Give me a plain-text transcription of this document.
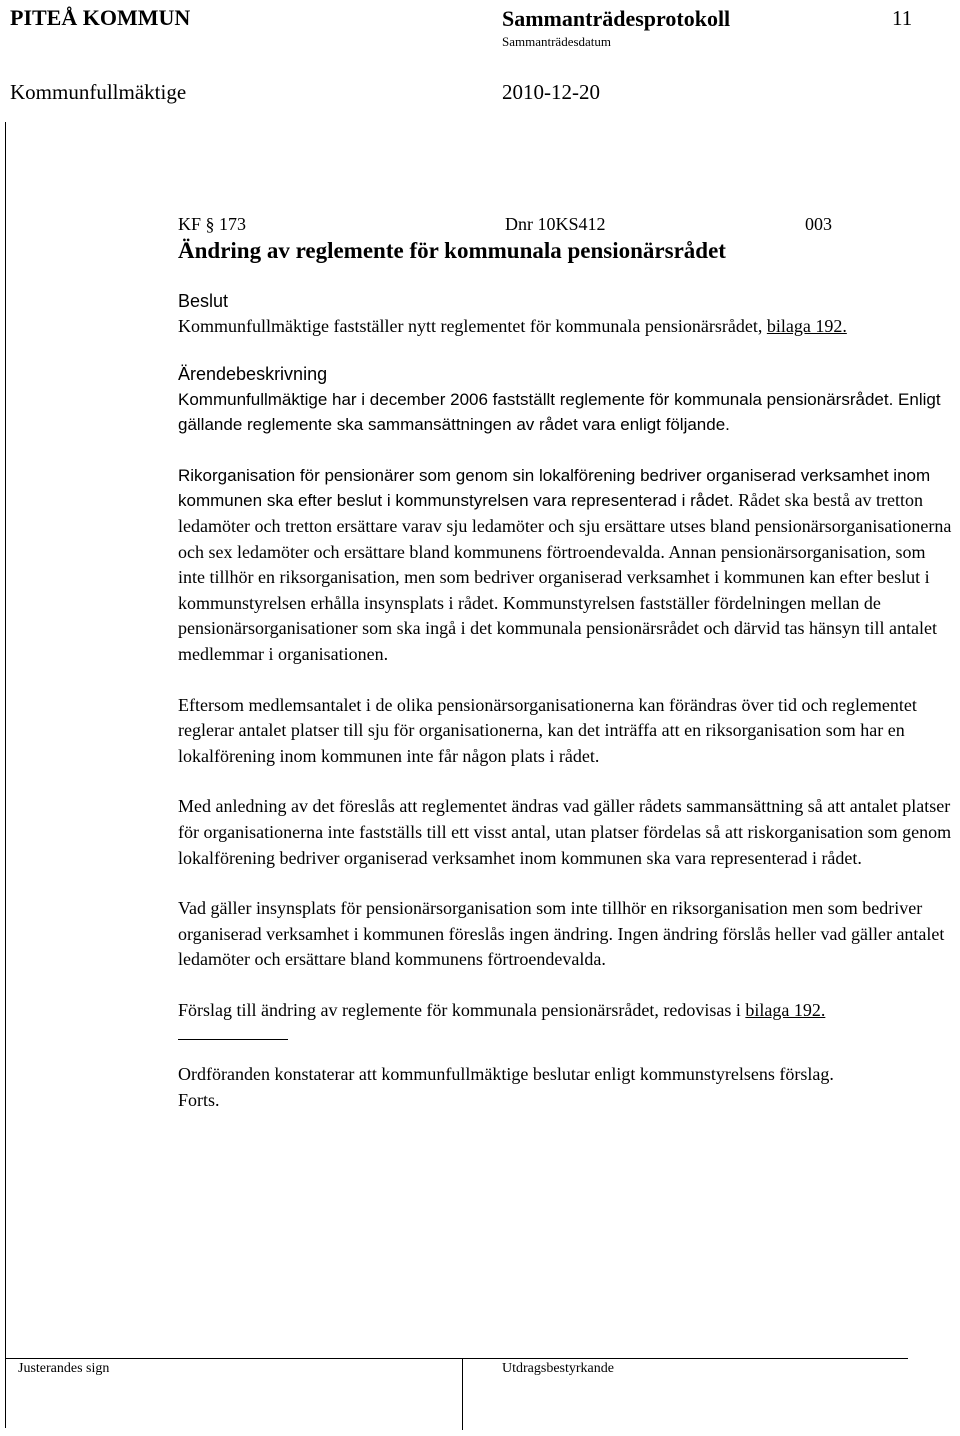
PITEÅ KOMMUN	Sammanträdesprotokoll	11
Sammanträdesdatum
Kommunfullmäktige	2010-12-20
Justerandes sign	Utdragsbestyrkande
KF § 173	Dnr 10KS412	003

Ändring av reglemente för kommunala pensionärsrådet

Beslut

Kommunfullmäktige fastställer nytt reglementet för kommunala pensionärsrådet, bilaga 192.

Ärendebeskrivning

Kommunfullmäktige har i december 2006 fastställt reglemente för kommunala pensionärsrådet. Enligt gällande reglemente ska sammansättningen av rådet vara enligt följande.

Rikorganisation för pensionärer som genom sin lokalförening bedriver organiserad verksamhet inom kommunen ska efter beslut i kommunstyrelsen vara representerad i rådet. Rådet ska bestå av tretton ledamöter och tretton ersättare varav sju ledamöter och sju ersättare utses bland pensionärsorganisationerna och sex ledamöter och ersättare bland kommunens förtroendevalda. Annan pensionärsorganisation, som inte tillhör en riksorganisation, men som bedriver organiserad verksamhet i kommunen kan efter beslut i kommunstyrelsen erhålla insynsplats i rådet. Kommunstyrelsen fastställer fördelningen mellan de pensionärsorganisationer som ska ingå i det kommunala pensionärsrådet och därvid tas hänsyn till antalet medlemmar i organisationen.

Eftersom medlemsantalet i de olika pensionärsorganisationerna kan förändras över tid och reglementet reglerar antalet platser till sju för organisationerna, kan det inträffa att en riksorganisation som har en lokalförening inom kommunen inte får någon plats i rådet.

Med anledning av det föreslås att reglementet ändras vad gäller rådets sammansättning så att antalet platser för organisationerna inte fastställs till ett visst antal, utan platser fördelas så att riskorganisation som genom lokalförening bedriver organiserad verksamhet inom kommunen ska vara representerad i rådet.

Vad gäller insynsplats för pensionärsorganisation som inte tillhör en riksorganisation men som bedriver organiserad verksamhet i kommunen föreslås ingen ändring. Ingen ändring förslås heller vad gäller antalet ledamöter och ersättare bland kommunens förtroendevalda.

Förslag till ändring av reglemente för kommunala pensionärsrådet, redovisas i bilaga 192.

Ordföranden konstaterar att kommunfullmäktige beslutar enligt kommunstyrelsens förslag.

Forts.
